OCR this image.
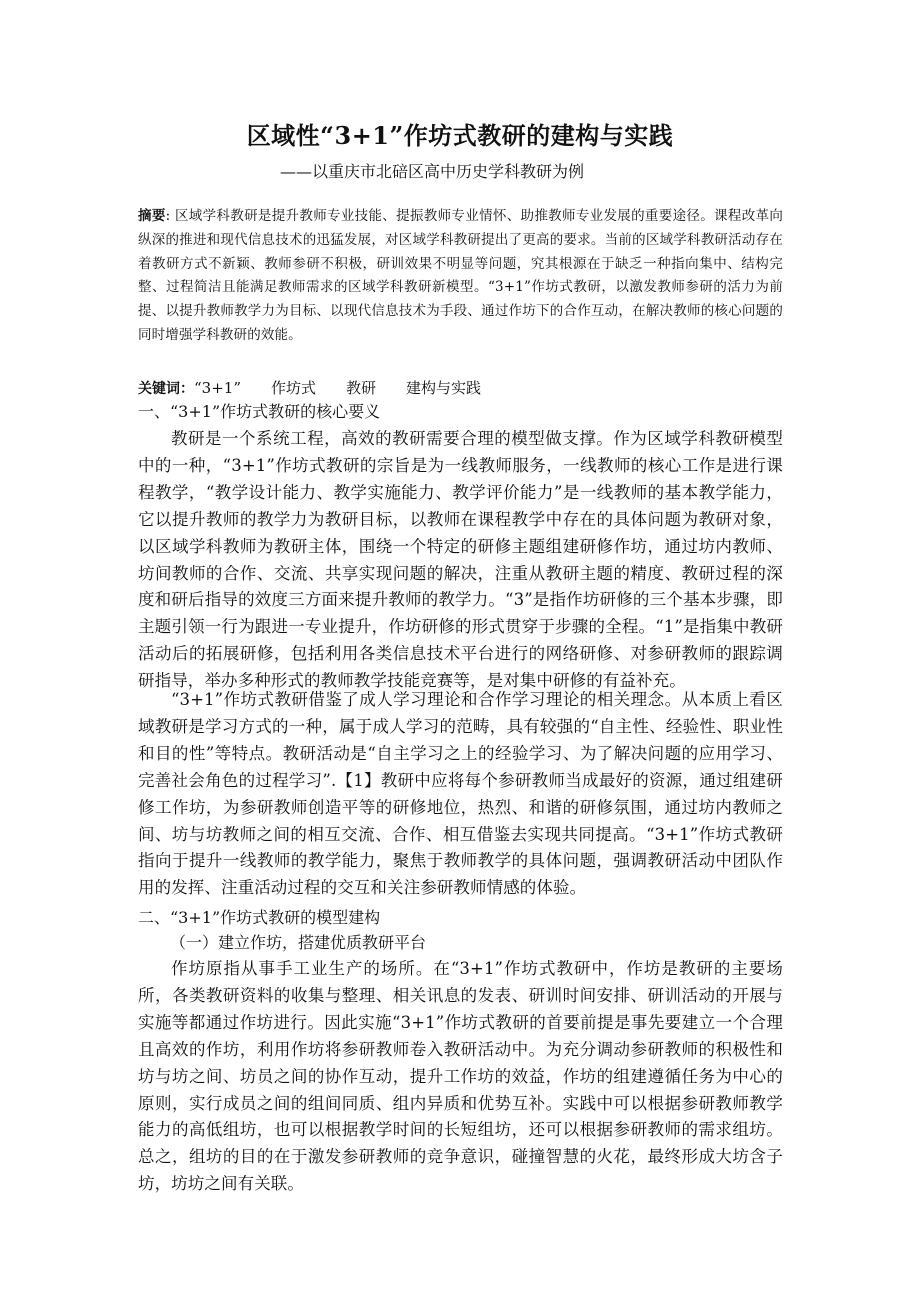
区域性“3+1”作坊式教研的建构与实践
——以重庆市北碚区高中历史学科教研为例
摘要: 区域学科教研是提升教师专业技能、提振教师专业情怀、助推教师专业发展的重要途径。课程改革向纵深的推进和现代信息技术的迅猛发展，对区域学科教研提出了更高的要求。当前的区域学科教研活动存在着教研方式不新颖、教师参研不积极，研训效果不明显等问题，究其根源在于缺乏一种指向集中、结构完整、过程简洁且能满足教师需求的区域学科教研新模型。“3+1”作坊式教研，以激发教师参研的活力为前提、以提升教师教学力为目标、以现代信息技术为手段、通过作坊下的合作互动，在解决教师的核心问题的同时增强学科教研的效能。
关键词：“3+1” 作坊式 教研 建构与实践
一、“3+1”作坊式教研的核心要义

教研是一个系统工程，高效的教研需要合理的模型做支撑。作为区域学科教研模型中的一种，“3+1”作坊式教研的宗旨是为一线教师服务，一线教师的核心工作是进行课程教学，“教学设计能力、教学实施能力、教学评价能力”是一线教师的基本教学能力，它以提升教师的教学力为教研目标，以教师在课程教学中存在的具体问题为教研对象，以区域学科教师为教研主体，围绕一个特定的研修主题组建研修作坊，通过坊内教师、坊间教师的合作、交流、共享实现问题的解决，注重从教研主题的精度、教研过程的深度和研后指导的效度三方面来提升教师的教学力。“3”是指作坊研修的三个基本步骤，即主题引领一行为跟进一专业提升，作坊研修的形式贯穿于步骤的全程。“1”是指集中教研活动后的拓展研修，包括利用各类信息技术平台进行的网络研修、对参研教师的跟踪调研指导，举办多种形式的教师教学技能竞赛等，是对集中研修的有益补充。

“3+1”作坊式教研借鉴了成人学习理论和合作学习理论的相关理念。从本质上看区域教研是学习方式的一种，属于成人学习的范畴，具有较强的“自主性、经验性、职业性和目的性”等特点。教研活动是“自主学习之上的经验学习、为了解决问题的应用学习、完善社会角色的过程学习”.【1】教研中应将每个参研教师当成最好的资源，通过组建研修工作坊，为参研教师创造平等的研修地位，热烈、和谐的研修氛围，通过坊内教师之间、坊与坊教师之间的相互交流、合作、相互借鉴去实现共同提高。“3+1”作坊式教研指向于提升一线教师的教学能力，聚焦于教师教学的具体问题，强调教研活动中团队作用的发挥、注重活动过程的交互和关注参研教师情感的体验。

二、“3+1”作坊式教研的模型建构
（一）建立作坊，搭建优质教研平台

作坊原指从事手工业生产的场所。在“3+1”作坊式教研中，作坊是教研的主要场所，各类教研资料的收集与整理、相关讯息的发表、研训时间安排、研训活动的开展与实施等都通过作坊进行。因此实施“3+1”作坊式教研的首要前提是事先要建立一个合理且高效的作坊，利用作坊将参研教师卷入教研活动中。为充分调动参研教师的积极性和坊与坊之间、坊员之间的协作互动，提升工作坊的效益，作坊的组建遵循任务为中心的原则，实行成员之间的组间同质、组内异质和优势互补。实践中可以根据参研教师教学能力的高低组坊，也可以根据教学时间的长短组坊，还可以根据参研教师的需求组坊。总之，组坊的目的在于激发参研教师的竞争意识，碰撞智慧的火花，最终形成大坊含子坊，坊坊之间有关联。
